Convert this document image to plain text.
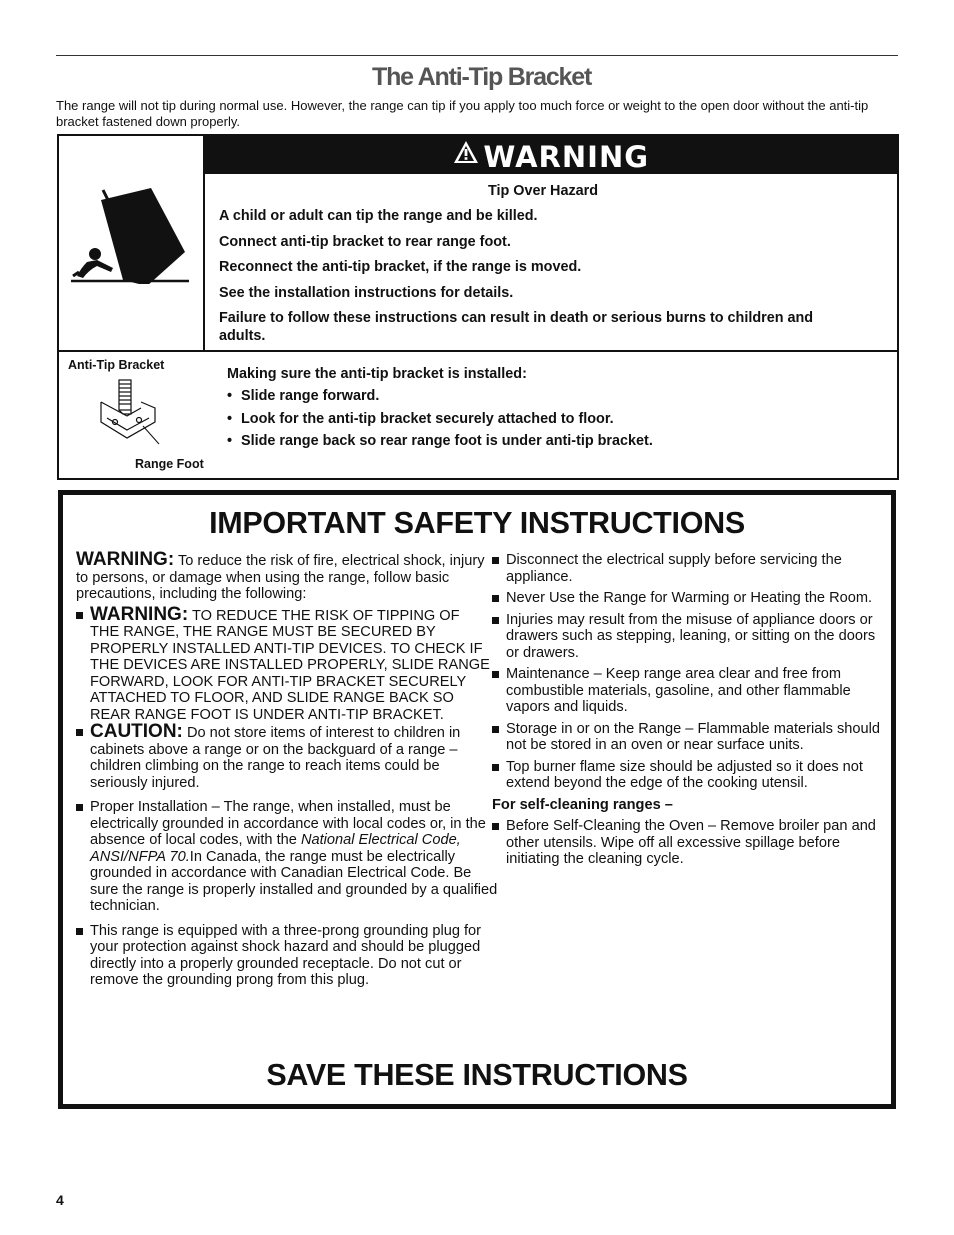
The Anti-Tip Bracket

The range will not tip during normal use. However, the range can tip if you apply too much force or weight to the open door without the anti-tip bracket fastened down properly.

WARNING

Tip Over Hazard

A child or adult can tip the range and be killed.

Connect anti-tip bracket to rear range foot.

Reconnect the anti-tip bracket, if the range is moved.

See the installation instructions for details.

Failure to follow these instructions can result in death or serious burns to children and adults.

Anti-Tip Bracket
Range Foot

Making sure the anti-tip bracket is installed:

• Slide range forward.
• Look for the anti-tip bracket securely attached to floor.
• Slide range back so rear range foot is under anti-tip bracket.
IMPORTANT SAFETY INSTRUCTIONS

WARNING: To reduce the risk of fire, electrical shock, injury to persons, or damage when using the range, follow basic precautions, including the following:

WARNING: TO REDUCE THE RISK OF TIPPING OF THE RANGE, THE RANGE MUST BE SECURED BY PROPERLY INSTALLED ANTI-TIP DEVICES. TO CHECK IF THE DEVICES ARE INSTALLED PROPERLY, SLIDE RANGE FORWARD, LOOK FOR ANTI-TIP BRACKET SECURELY ATTACHED TO FLOOR, AND SLIDE RANGE BACK SO REAR RANGE FOOT IS UNDER ANTI-TIP BRACKET.
CAUTION: Do not store items of interest to children in cabinets above a range or on the backguard of a range – children climbing on the range to reach items could be seriously injured.
Proper Installation – The range, when installed, must be electrically grounded in accordance with local codes or, in the absence of local codes, with the National Electrical Code, ANSI/NFPA 70.In Canada, the range must be electrically grounded in accordance with Canadian Electrical Code. Be sure the range is properly installed and grounded by a qualified technician.
This range is equipped with a three-prong grounding plug for your protection against shock hazard and should be plugged directly into a properly grounded receptacle. Do not cut or remove the grounding prong from this plug.
Disconnect the electrical supply before servicing the appliance.
Never Use the Range for Warming or Heating the Room.
Injuries may result from the misuse of appliance doors or drawers such as stepping, leaning, or sitting on the doors or drawers.
Maintenance – Keep range area clear and free from combustible materials, gasoline, and other flammable vapors and liquids.
Storage in or on the Range – Flammable materials should not be stored in an oven or near surface units.
Top burner flame size should be adjusted so it does not extend beyond the edge of the cooking utensil.

For self-cleaning ranges –

Before Self-Cleaning the Oven – Remove broiler pan and other utensils. Wipe off all excessive spillage before initiating the cleaning cycle.
SAVE THESE INSTRUCTIONS
4
